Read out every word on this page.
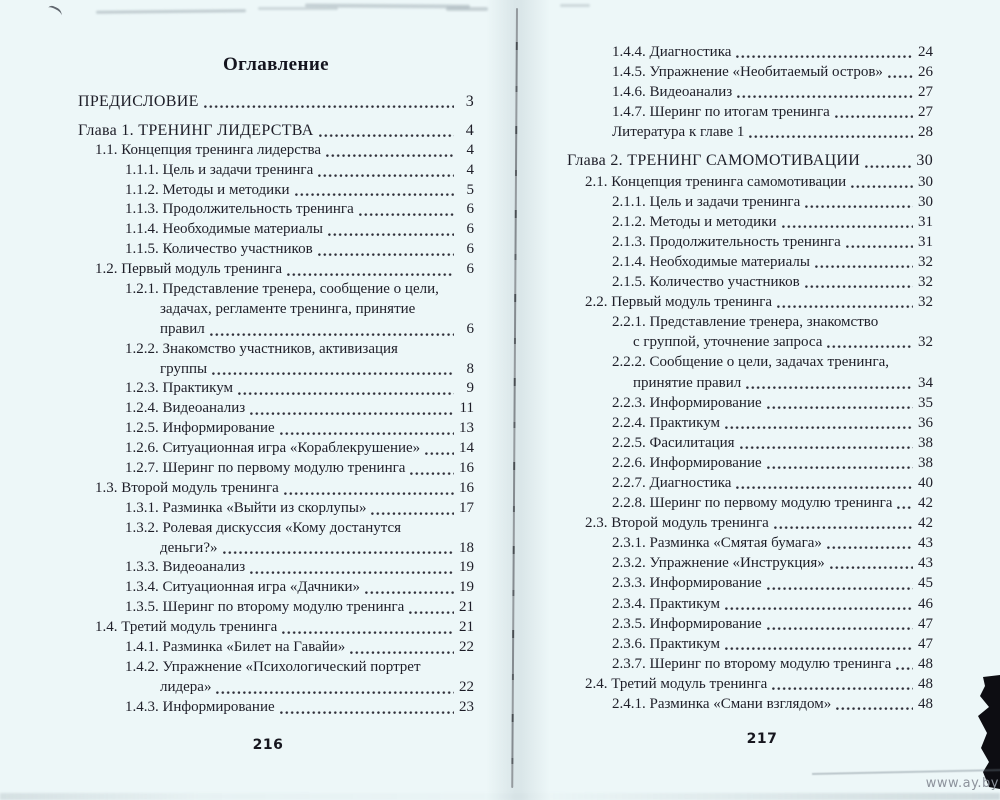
Оглавление
ПРЕДИСЛОВИЕ	3
Глава 1. ТРЕНИНГ ЛИДЕРСТВА	4
1.1. Концепция тренинга лидерства	4
1.1.1. Цель и задачи тренинга	4
1.1.2. Методы и методики	5
1.1.3. Продолжительность тренинга	6
1.1.4. Необходимые материалы	6
1.1.5. Количество участников	6
1.2. Первый модуль тренинга	6
1.2.1. Представление тренера, сообщение о цели,
задачах, регламенте тренинга, принятие
правил	6
1.2.2. Знакомство участников, активизация
группы	8
1.2.3. Практикум	9
1.2.4. Видеоанализ	11
1.2.5. Информирование	13
1.2.6. Ситуационная игра «Кораблекрушение»	14
1.2.7. Шеринг по первому модулю тренинга	16
1.3. Второй модуль тренинга	16
1.3.1. Разминка «Выйти из скорлупы»	17
1.3.2. Ролевая дискуссия «Кому достанутся
деньги?»	18
1.3.3. Видеоанализ	19
1.3.4. Ситуационная игра «Дачники»	19
1.3.5. Шеринг по второму модулю тренинга	21
1.4. Третий модуль тренинга	21
1.4.1. Разминка «Билет на Гавайи»	22
1.4.2. Упражнение «Психологический портрет
лидера»	22
1.4.3. Информирование	23
216
1.4.4. Диагностика	24
1.4.5. Упражнение «Необитаемый остров» 26
1.4.6. Видеоанализ	27
1.4.7. Шеринг по итогам тренинга	27
Литература к главе 1	28
Глава 2. ТРЕНИНГ САМОМОТИВАЦИИ	30
2.1. Концепция тренинга самомотивации	30
2.1.1. Цель и задачи тренинга	30
2.1.2. Методы и методики	31
2.1.3. Продолжительность тренинга	31
2.1.4. Необходимые материалы	32
2.1.5. Количество участников	32
2.2. Первый модуль тренинга	32
2.2.1. Представление тренера, знакомство
с группой, уточнение запроса	32
2.2.2. Сообщение о цели, задачах тренинга,
принятие правил	34
2.2.3. Информирование	35
2.2.4. Практикум	36
2.2.5. Фасилитация	38
2.2.6. Информирование	38
2.2.7. Диагностика	40
2.2.8. Шеринг по первому модулю тренинга 42
2.3. Второй модуль тренинга	42
2.3.1. Разминка «Смятая бумага»	43
2.3.2. Упражнение «Инструкция»	43
2.3.3. Информирование	45
2.3.4. Практикум	46
2.3.5. Информирование	47
2.3.6. Практикум	47
2.3.7. Шеринг по второму модулю тренинга 48
2.4. Третий модуль тренинга	48
2.4.1. Разминка «Смани взглядом»	48
217
www.ay.by
